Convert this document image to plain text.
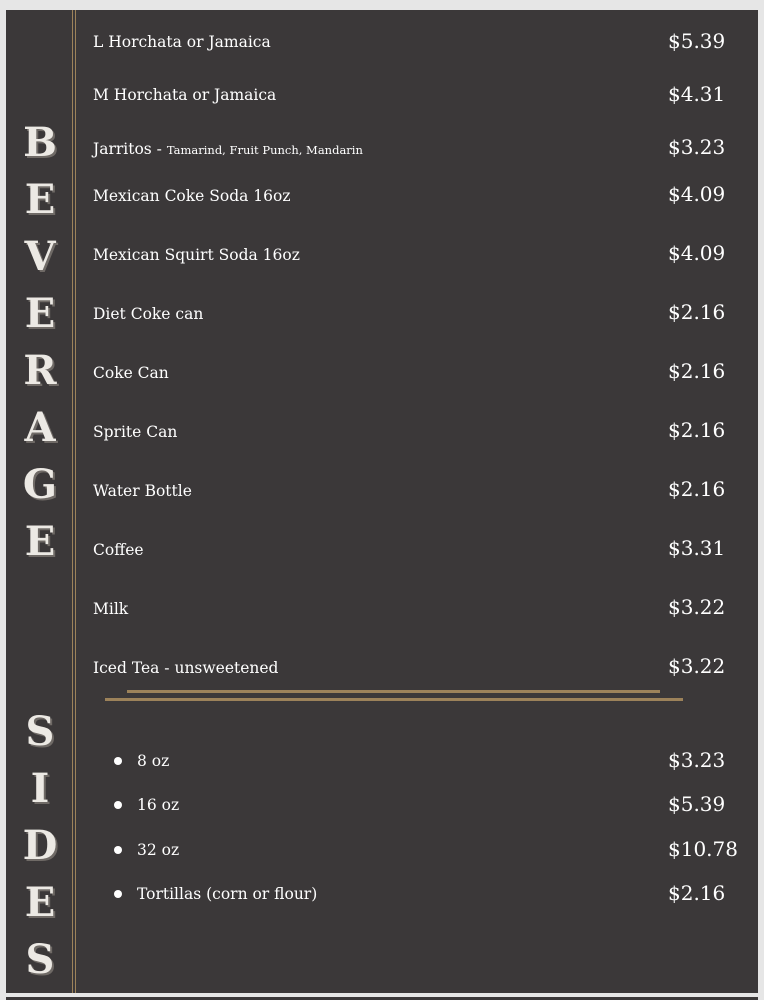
B
E
V
E
R
A
G
E
S
I
D
E
S
L Horchata or Jamaica	$5.39
M Horchata or Jamaica	$4.31
Jarritos - Tamarind, Fruit Punch, Mandarin	$3.23
Mexican Coke Soda 16oz	$4.09
Mexican Squirt Soda 16oz	$4.09
Diet Coke can	$2.16
Coke Can	$2.16
Sprite Can	$2.16
Water Bottle	$2.16
Coffee	$3.31
Milk	$3.22
Iced Tea - unsweetened	$3.22
8 oz	$3.23
16 oz	$5.39
32 oz	$10.78
Tortillas (corn or flour)	$2.16
